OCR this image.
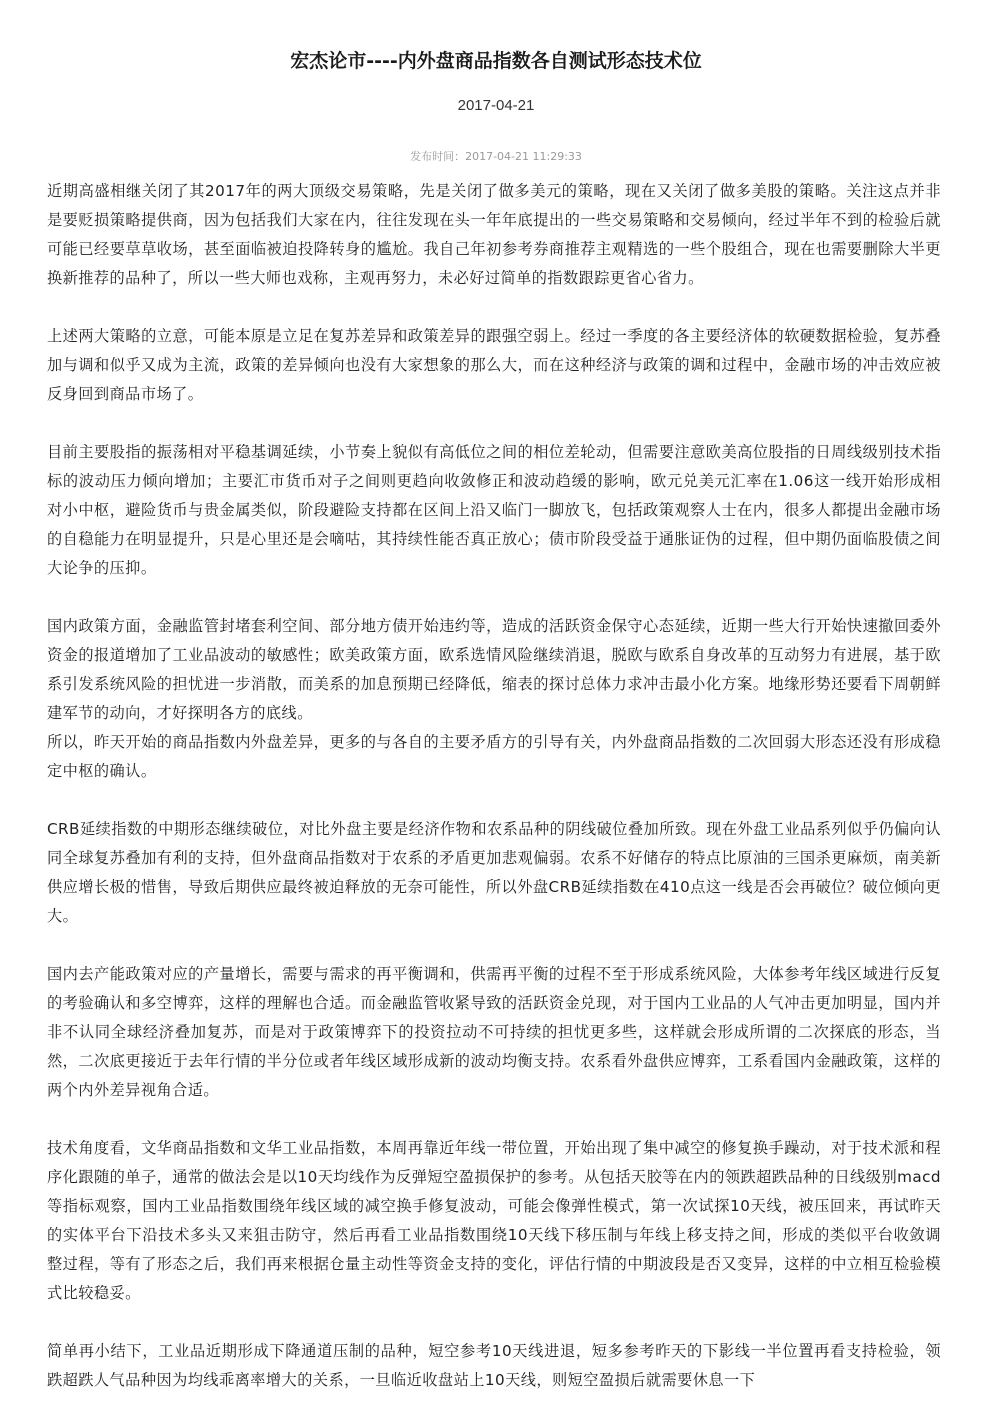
宏杰论市----内外盘商品指数各自测试形态技术位
2017-04-21
发布时间：2017-04-21 11:29:33

近期高盛相继关闭了其2017年的两大顶级交易策略，先是关闭了做多美元的策略，现在又关闭了做多美股的策略。关注这点并非是要贬损策略提供商，因为包括我们大家在内，往往发现在头一年年底提出的一些交易策略和交易倾向，经过半年不到的检验后就可能已经要草草收场，甚至面临被迫投降转身的尴尬。我自己年初参考券商推荐主观精选的一些个股组合，现在也需要删除大半更换新推荐的品种了，所以一些大师也戏称，主观再努力，未必好过简单的指数跟踪更省心省力。

上述两大策略的立意，可能本原是立足在复苏差异和政策差异的跟强空弱上。经过一季度的各主要经济体的软硬数据检验，复苏叠加与调和似乎又成为主流，政策的差异倾向也没有大家想象的那么大，而在这种经济与政策的调和过程中，金融市场的冲击效应被反身回到商品市场了。

目前主要股指的振荡相对平稳基调延续，小节奏上貌似有高低位之间的相位差轮动，但需要注意欧美高位股指的日周线级别技术指标的波动压力倾向增加；主要汇市货币对子之间则更趋向收敛修正和波动趋缓的影响，欧元兑美元汇率在1.06这一线开始形成相对小中枢，避险货币与贵金属类似，阶段避险支持都在区间上沿又临门一脚放飞，包括政策观察人士在内，很多人都提出金融市场的自稳能力在明显提升，只是心里还是会嘀咕，其持续性能否真正放心；债市阶段受益于通胀证伪的过程，但中期仍面临股债之间大论争的压抑。

国内政策方面，金融监管封堵套利空间、部分地方债开始违约等，造成的活跃资金保守心态延续，近期一些大行开始快速撤回委外资金的报道增加了工业品波动的敏感性；欧美政策方面，欧系选情风险继续消退，脱欧与欧系自身改革的互动努力有进展，基于欧系引发系统风险的担忧进一步消散，而美系的加息预期已经降低，缩表的探讨总体力求冲击最小化方案。地缘形势还要看下周朝鲜建军节的动向，才好探明各方的底线。

所以，昨天开始的商品指数内外盘差异，更多的与各自的主要矛盾方的引导有关，内外盘商品指数的二次回弱大形态还没有形成稳定中枢的确认。

CRB延续指数的中期形态继续破位，对比外盘主要是经济作物和农系品种的阴线破位叠加所致。现在外盘工业品系列似乎仍偏向认同全球复苏叠加有利的支持，但外盘商品指数对于农系的矛盾更加悲观偏弱。农系不好储存的特点比原油的三国杀更麻烦，南美新供应增长极的惜售，导致后期供应最终被迫释放的无奈可能性，所以外盘CRB延续指数在410点这一线是否会再破位？破位倾向更大。

国内去产能政策对应的产量增长，需要与需求的再平衡调和，供需再平衡的过程不至于形成系统风险，大体参考年线区域进行反复的考验确认和多空博弈，这样的理解也合适。而金融监管收紧导致的活跃资金兑现，对于国内工业品的人气冲击更加明显，国内并非不认同全球经济叠加复苏，而是对于政策博弈下的投资拉动不可持续的担忧更多些，这样就会形成所谓的二次探底的形态，当然，二次底更接近于去年行情的半分位或者年线区域形成新的波动均衡支持。农系看外盘供应博弈，工系看国内金融政策，这样的两个内外差异视角合适。

技术角度看，文华商品指数和文华工业品指数，本周再靠近年线一带位置，开始出现了集中减空的修复换手躁动，对于技术派和程序化跟随的单子，通常的做法会是以10天均线作为反弹短空盈损保护的参考。从包括天胶等在内的领跌超跌品种的日线级别macd等指标观察，国内工业品指数围绕年线区域的减空换手修复波动，可能会像弹性模式，第一次试探10天线，被压回来，再试昨天的实体平台下沿技术多头又来狙击防守，然后再看工业品指数围绕10天线下移压制与年线上移支持之间，形成的类似平台收敛调整过程，等有了形态之后，我们再来根据仓量主动性等资金支持的变化，评估行情的中期波段是否又变异，这样的中立相互检验模式比较稳妥。

简单再小结下，工业品近期形成下降通道压制的品种，短空参考10天线进退，短多参考昨天的下影线一半位置再看支持检验，领跌超跌人气品种因为均线乖离率增大的关系，一旦临近收盘站上10天线，则短空盈损后就需要休息一下
